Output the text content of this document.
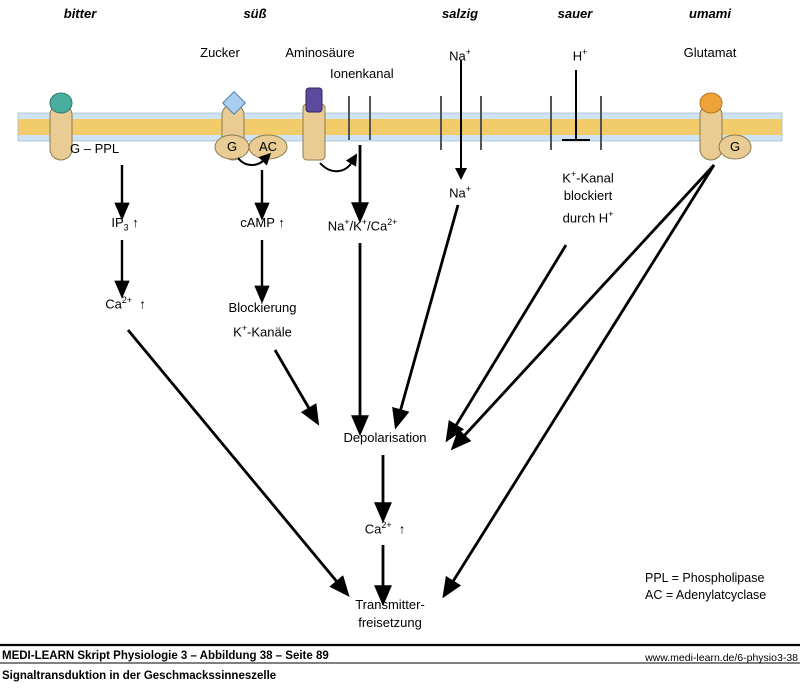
bitter	süß	salzig	sauer	umami
Zucker	Aminosäure	Na+	H+	Glutamat
G – PPL	G	AC
Ionenkanal
G
$IP_3$ ↑
$Ca^{2+}$  ↑
cAMP ↑
Blockierung
K+-Kanäle
$Na^+/K^+/Ca^{2+}$
Na+
K+-Kanal
blockiert
durch H+
Depolarisation
$Ca^{2+}$  ↑
Transmitter-
freisetzung
PPL = Phospholipase
AC = Adenylatcyclase
MEDI-LEARN Skript Physiologie 3 – Abbildung 38 – Seite 89	www.medi-learn.de/6-physio3-38
Signaltransduktion in der Geschmackssinneszelle
